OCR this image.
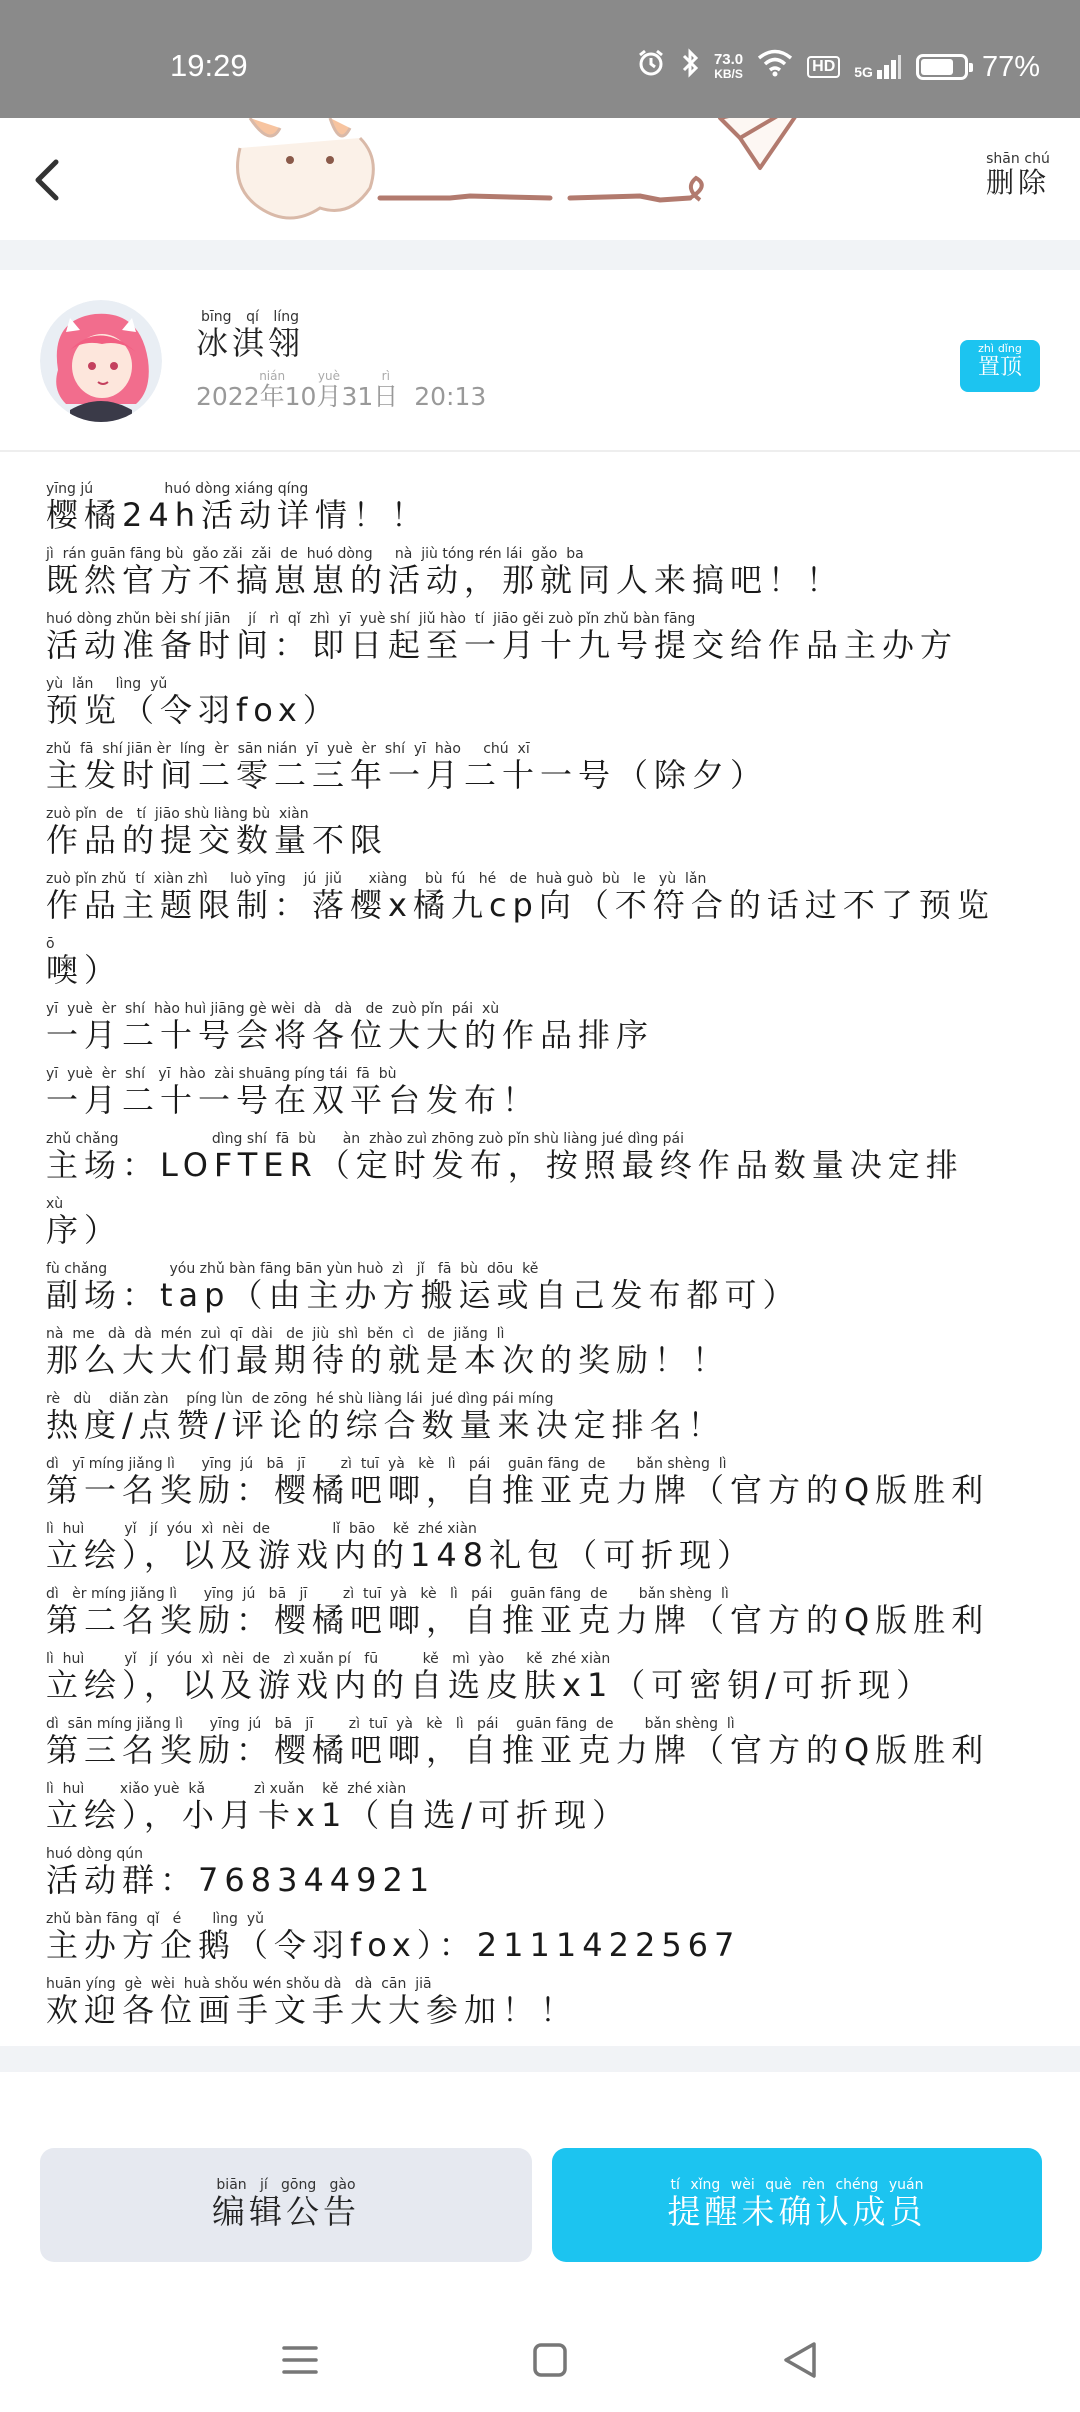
19:29	73.0
KB/S	HD	5G	77%
删除shān chú
冰淇翎bīng qí líng
2022年nián10月yuè31日rì  20:13
置顶zhì dǐng
樱橘24h活动详情！！yīng jú                huó dòng xiáng qíng
既然官方不搞崽崽的活动，那就同人来搞吧！！jì  rán guān fāng bù  gǎo zǎi  zǎi  de  huó dòng     nà  jiù tóng rén lái  gǎo  ba
活动准备时间：即日起至一月十九号提交给作品主办方huó dòng zhǔn bèi shí jiān    jí   rì  qǐ  zhì  yī  yuè shí  jiǔ hào  tí  jiāo gěi zuò pǐn zhǔ bàn fāng
预览（令羽fox）yù  lǎn     lìng  yǔ
主发时间二零二三年一月二十一号（除夕）zhǔ  fā  shí jiān èr  líng  èr  sān nián  yī  yuè  èr  shí  yī  hào     chú  xī
作品的提交数量不限zuò pǐn  de   tí  jiāo shù liàng bù  xiàn
作品主题限制：落樱x橘九cp向（不符合的话过不了预览zuò pǐn zhǔ  tí  xiàn zhì     luò yīng    jú  jiǔ      xiàng    bù  fú   hé   de  huà guò  bù   le   yù  lǎn
噢）ō
一月二十号会将各位大大的作品排序yī  yuè  èr  shí  hào huì jiāng gè wèi  dà   dà   de  zuò pǐn  pái  xù
一月二十一号在双平台发布！yī  yuè  èr  shí   yī  hào  zài shuāng píng tái  fā  bù
主场：LOFTER（定时发布，按照最终作品数量决定排zhǔ chǎng                     dìng shí  fā  bù      àn  zhào zuì zhōng zuò pǐn shù liàng jué dìng pái
序）xù
副场：tap（由主办方搬运或自己发布都可）fù chǎng              yóu zhǔ bàn fāng bān yùn huò  zì   jǐ   fā  bù  dōu  kě
那么大大们最期待的就是本次的奖励！！nà  me   dà  dà  mén  zuì  qī  dài   de  jiù  shì  běn  cì   de  jiǎng  lì
热度/点赞/评论的综合数量来决定排名！rè   dù    diǎn zàn    píng lùn  de zōng  hé shù liàng lái  jué dìng pái míng
第一名奖励：樱橘吧唧，自推亚克力牌（官方的Q版胜利dì   yī míng jiǎng lì      yīng  jú   bā   jī        zì  tuī  yà   kè   lì   pái    guān fāng  de       bǎn shèng  lì
立绘），以及游戏内的148礼包（可折现）lì  huì         yǐ   jí  yóu  xì  nèi  de              lǐ  bāo    kě  zhé xiàn
第二名奖励：樱橘吧唧，自推亚克力牌（官方的Q版胜利dì   èr míng jiǎng lì      yīng  jú   bā   jī        zì  tuī  yà   kè   lì   pái    guān fāng  de       bǎn shèng  lì
立绘），以及游戏内的自选皮肤x1（可密钥/可折现）lì  huì         yǐ   jí  yóu  xì  nèi  de   zì xuǎn pí   fū          kě   mì  yào     kě  zhé xiàn
第三名奖励：樱橘吧唧，自推亚克力牌（官方的Q版胜利dì  sān míng jiǎng lì      yīng  jú   bā   jī        zì  tuī  yà   kè   lì   pái    guān fāng  de       bǎn shèng  lì
立绘），小月卡x1（自选/可折现）lì  huì        xiǎo yuè  kǎ           zì xuǎn    kě  zhé xiàn
活动群：768344921huó dòng qún
主办方企鹅（令羽fox）：2111422567zhǔ bàn fāng  qǐ   é       lìng  yǔ
欢迎各位画手文手大大参加！！huān yíng  gè  wèi  huà shǒu wén shǒu dà   dà  cān  jiā
编辑公告biān jí gōng gào
提醒未确认成员tí xǐng wèi què rèn chéng yuán
